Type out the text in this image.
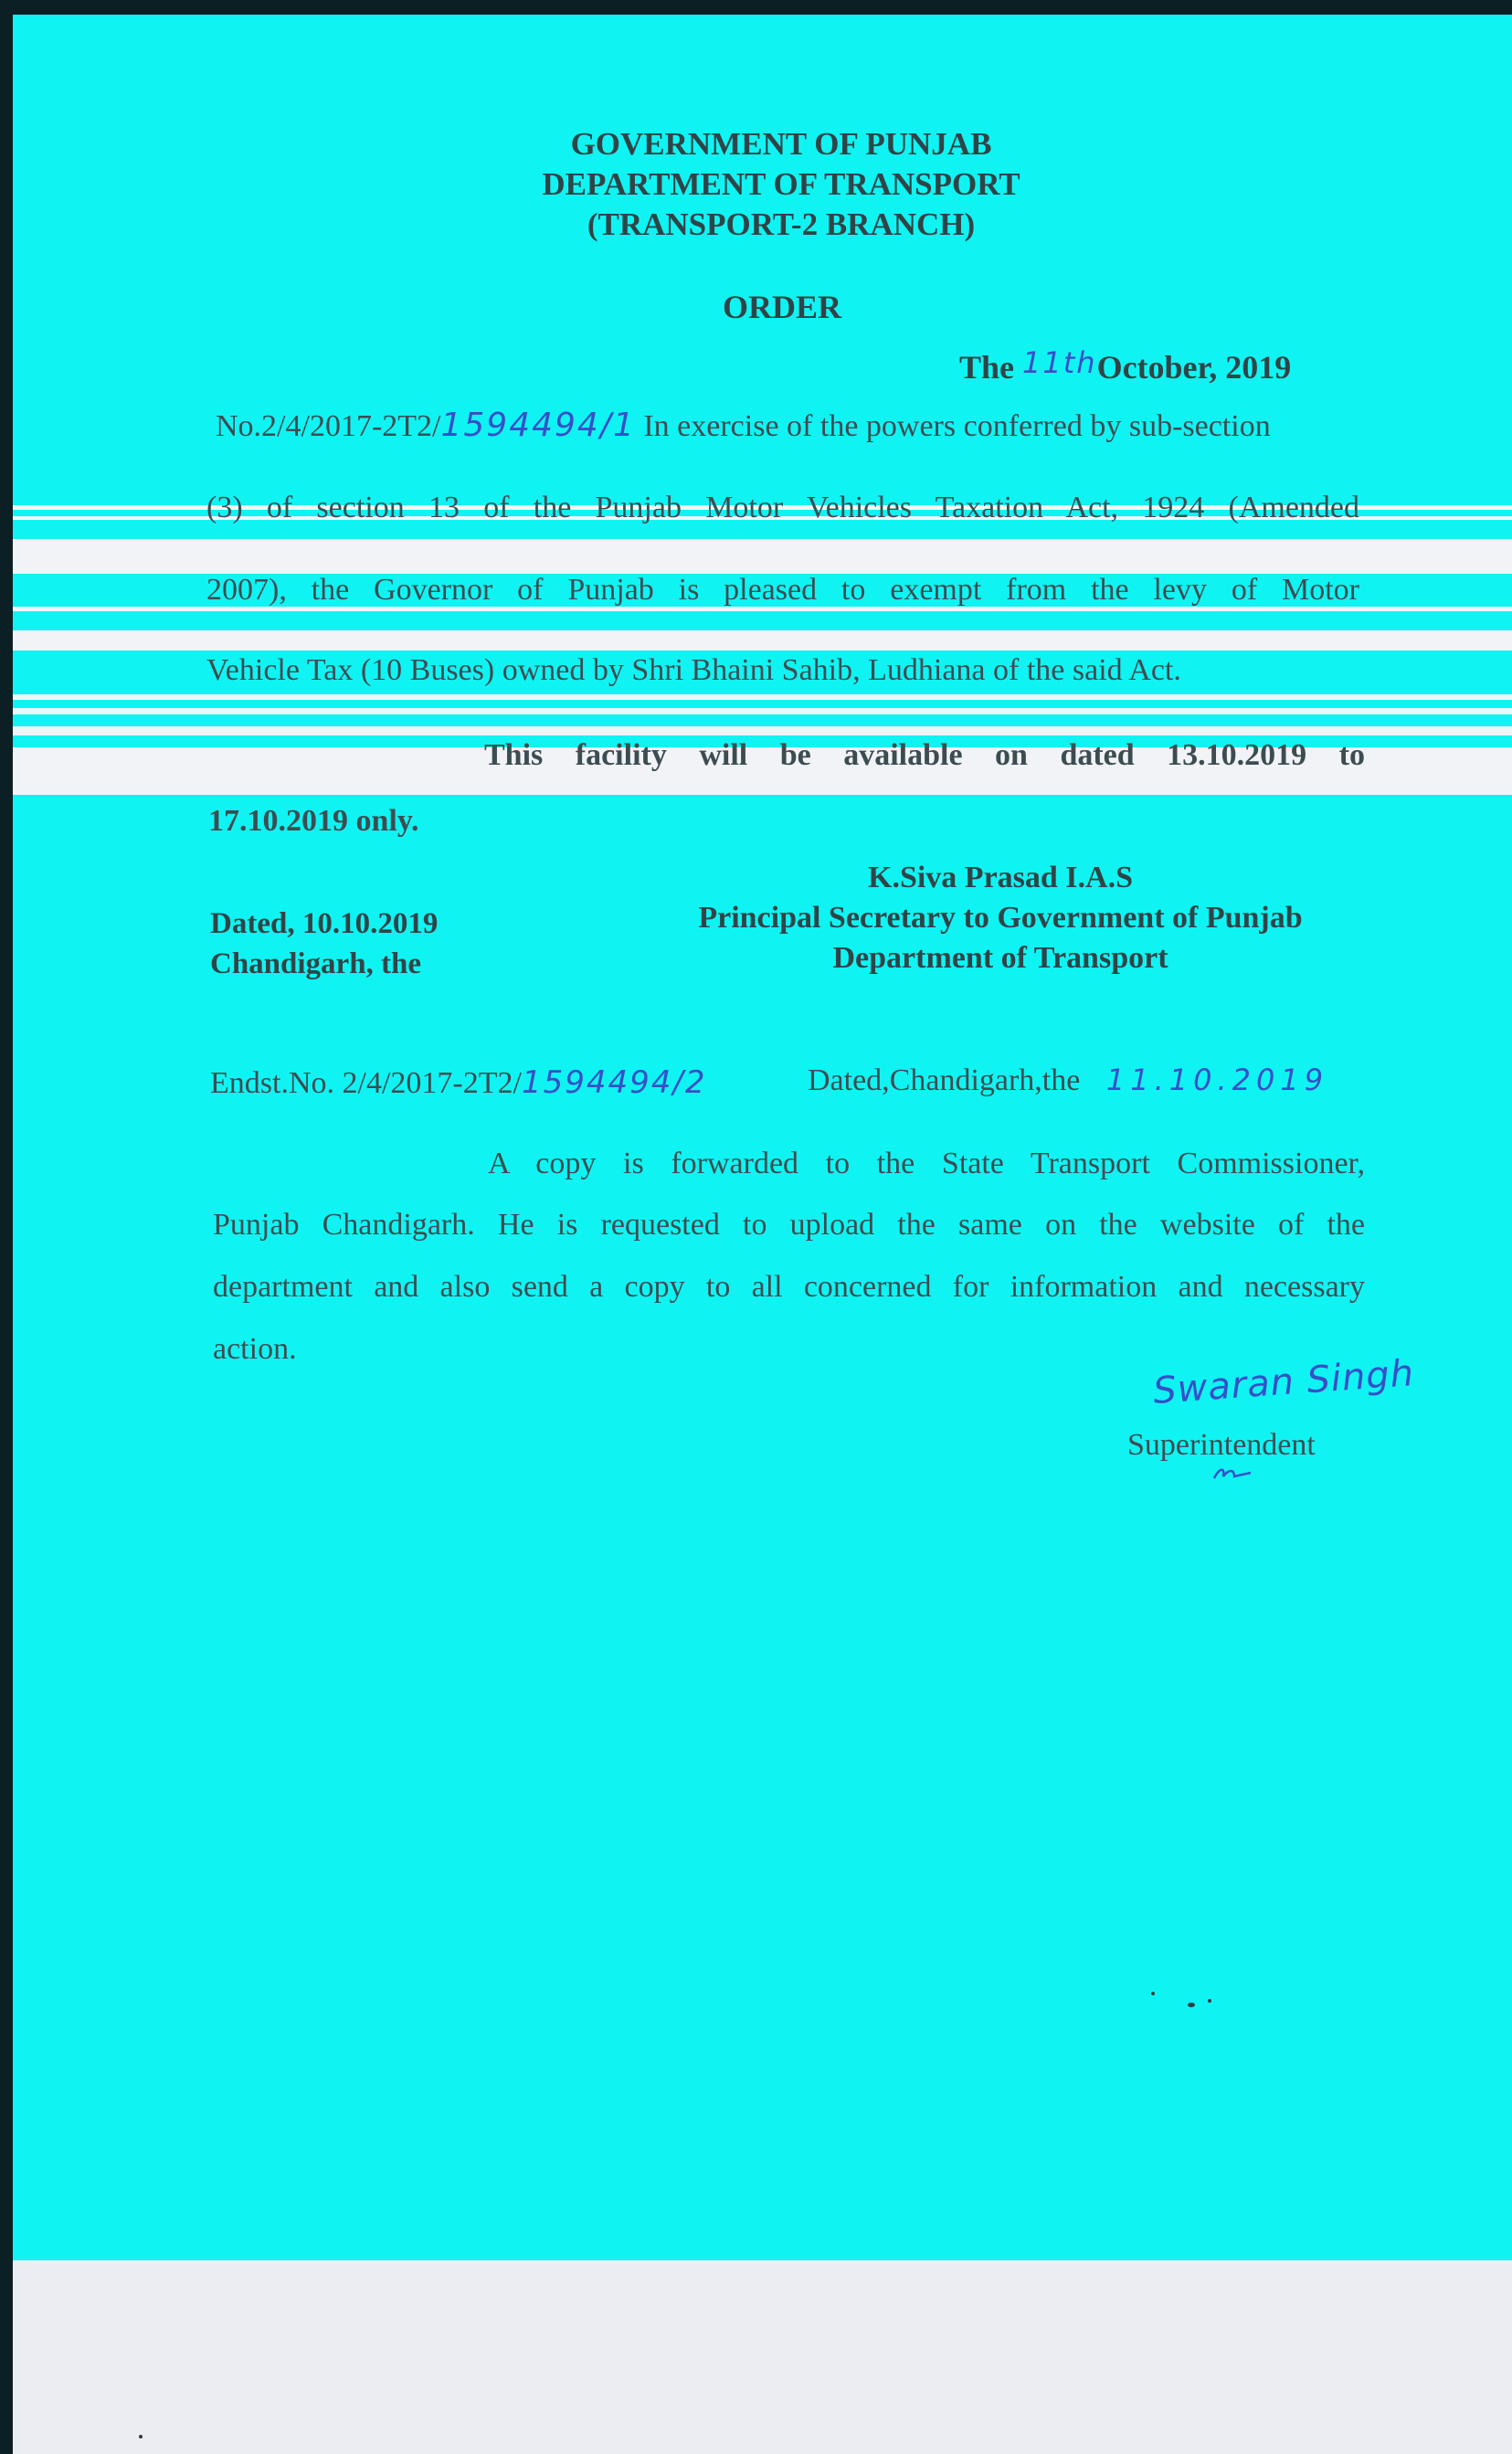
GOVERNMENT OF PUNJAB
DEPARTMENT OF TRANSPORT
(TRANSPORT-2 BRANCH)
ORDER
The 11thOctober, 2019
No.2/4/2017-2T2/1594494/1 In exercise of the powers conferred by sub-section
(3) of section 13 of the Punjab Motor Vehicles Taxation Act, 1924 (Amended
2007), the Governor of Punjab is pleased to exempt from the levy of Motor
Vehicle Tax (10 Buses) owned by Shri Bhaini Sahib, Ludhiana of the said Act.
This facility will be available on dated 13.10.2019 to
17.10.2019 only.
K.Siva Prasad I.A.S
Principal Secretary to Government of Punjab
Department of Transport
Dated, 10.10.2019
Chandigarh, the
Endst.No. 2/4/2017-2T2/1594494/2	Dated,Chandigarh,the 11.10.2019
A copy is forwarded to the State Transport Commissioner,
Punjab Chandigarh. He is requested to upload the same on the website of the
department and also send a copy to all concerned for information and necessary
action.
Swaran Singh
Superintendent
